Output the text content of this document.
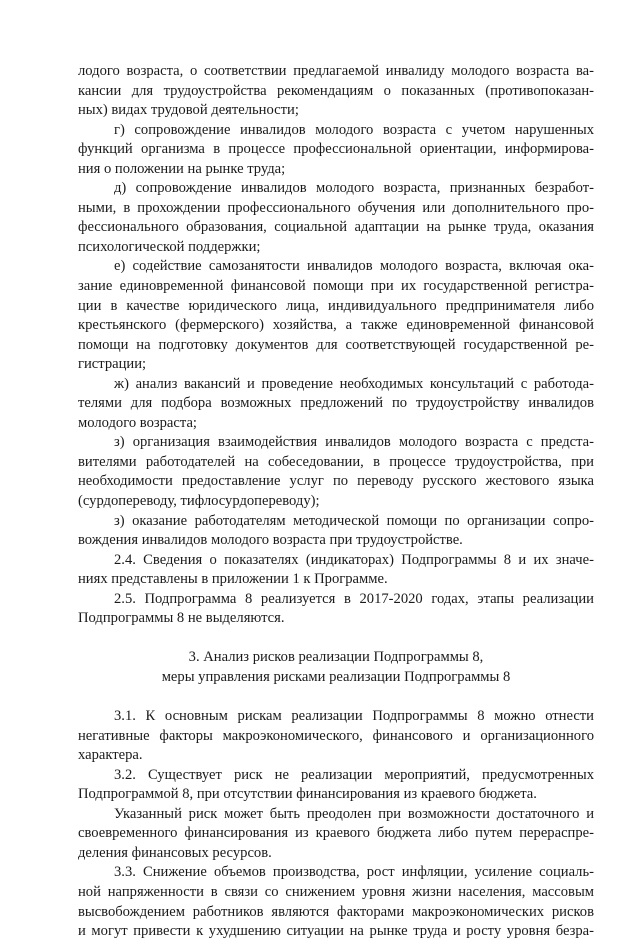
лодого возраста, о соответствии предлагаемой инвалиду молодого возраста ва-
кансии для трудоустройства рекомендациям о показанных (противопоказан-
ных) видах трудовой деятельности;
г) сопровождение инвалидов молодого возраста с учетом нарушенных
функций организма в процессе профессиональной ориентации, информирова-
ния о положении на рынке труда;
д) сопровождение инвалидов молодого возраста, признанных безработ-
ными, в прохождении профессионального обучения или дополнительного про-
фессионального образования, социальной адаптации на рынке труда, оказания
психологической поддержки;
е) содействие самозанятости инвалидов молодого возраста, включая ока-
зание единовременной финансовой помощи при их государственной регистра-
ции в качестве юридического лица, индивидуального предпринимателя либо
крестьянского (фермерского) хозяйства, а также единовременной финансовой
помощи на подготовку документов для соответствующей государственной ре-
гистрации;
ж) анализ вакансий и проведение необходимых консультаций с работода-
телями для подбора возможных предложений по трудоустройству инвалидов
молодого возраста;
з) организация взаимодействия инвалидов молодого возраста с предста-
вителями работодателей на собеседовании, в процессе трудоустройства, при
необходимости предоставление услуг по переводу русского жестового языка
(сурдопереводу, тифлосурдопереводу);
з) оказание работодателям методической помощи по организации сопро-
вождения инвалидов молодого возраста при трудоустройстве.
2.4. Сведения о показателях (индикаторах) Подпрограммы 8 и их значе-
ниях представлены в приложении 1 к Программе.
2.5. Подпрограмма 8 реализуется в 2017-2020 годах, этапы реализации
Подпрограммы 8 не выделяются.
3. Анализ рисков реализации Подпрограммы 8,
меры управления рисками реализации Подпрограммы 8
3.1. К основным рискам реализации Подпрограммы 8 можно отнести
негативные факторы макроэкономического, финансового и организационного
характера.
3.2. Существует риск не реализации мероприятий, предусмотренных
Подпрограммой 8, при отсутствии финансирования из краевого бюджета.
Указанный риск может быть преодолен при возможности достаточного и
своевременного финансирования из краевого бюджета либо путем перераспре-
деления финансовых ресурсов.
3.3. Снижение объемов производства, рост инфляции, усиление социаль-
ной напряженности в связи со снижением уровня жизни населения, массовым
высвобождением работников являются факторами макроэкономических рисков
и могут привести к ухудшению ситуации на рынке труда и росту уровня безра-
